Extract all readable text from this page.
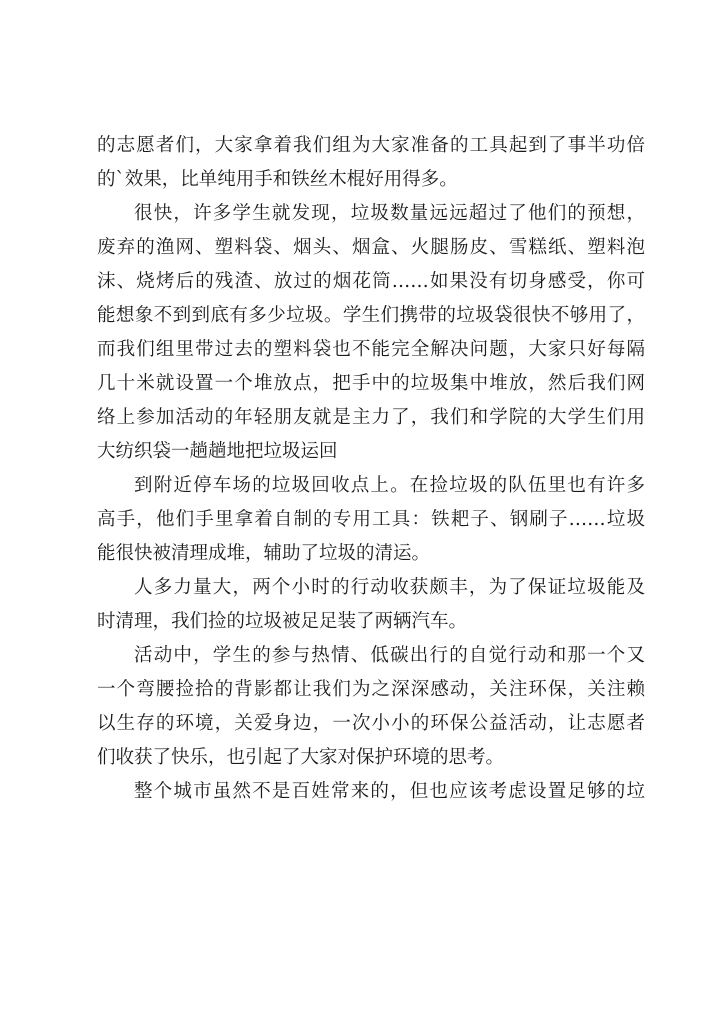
的志愿者们，大家拿着我们组为大家准备的工具起到了事半功倍
的`效果，比单纯用手和铁丝木棍好用得多。
很快，许多学生就发现，垃圾数量远远超过了他们的预想，
废弃的渔网、塑料袋、烟头、烟盒、火腿肠皮、雪糕纸、塑料泡
沫、烧烤后的残渣、放过的烟花筒……如果没有切身感受，你可
能想象不到到底有多少垃圾。学生们携带的垃圾袋很快不够用了，
而我们组里带过去的塑料袋也不能完全解决问题，大家只好每隔
几十米就设置一个堆放点，把手中的垃圾集中堆放，然后我们网
络上参加活动的年轻朋友就是主力了，我们和学院的大学生们用
大纺织袋一趟趟地把垃圾运回
到附近停车场的垃圾回收点上。在捡垃圾的队伍里也有许多
高手，他们手里拿着自制的专用工具：铁耙子、钢刷子……垃圾
能很快被清理成堆，辅助了垃圾的清运。
人多力量大，两个小时的行动收获颇丰，为了保证垃圾能及
时清理，我们捡的垃圾被足足装了两辆汽车。
活动中，学生的参与热情、低碳出行的自觉行动和那一个又
一个弯腰捡拾的背影都让我们为之深深感动，关注环保，关注赖
以生存的环境，关爱身边，一次小小的环保公益活动，让志愿者
们收获了快乐，也引起了大家对保护环境的思考。
整个城市虽然不是百姓常来的，但也应该考虑设置足够的垃
